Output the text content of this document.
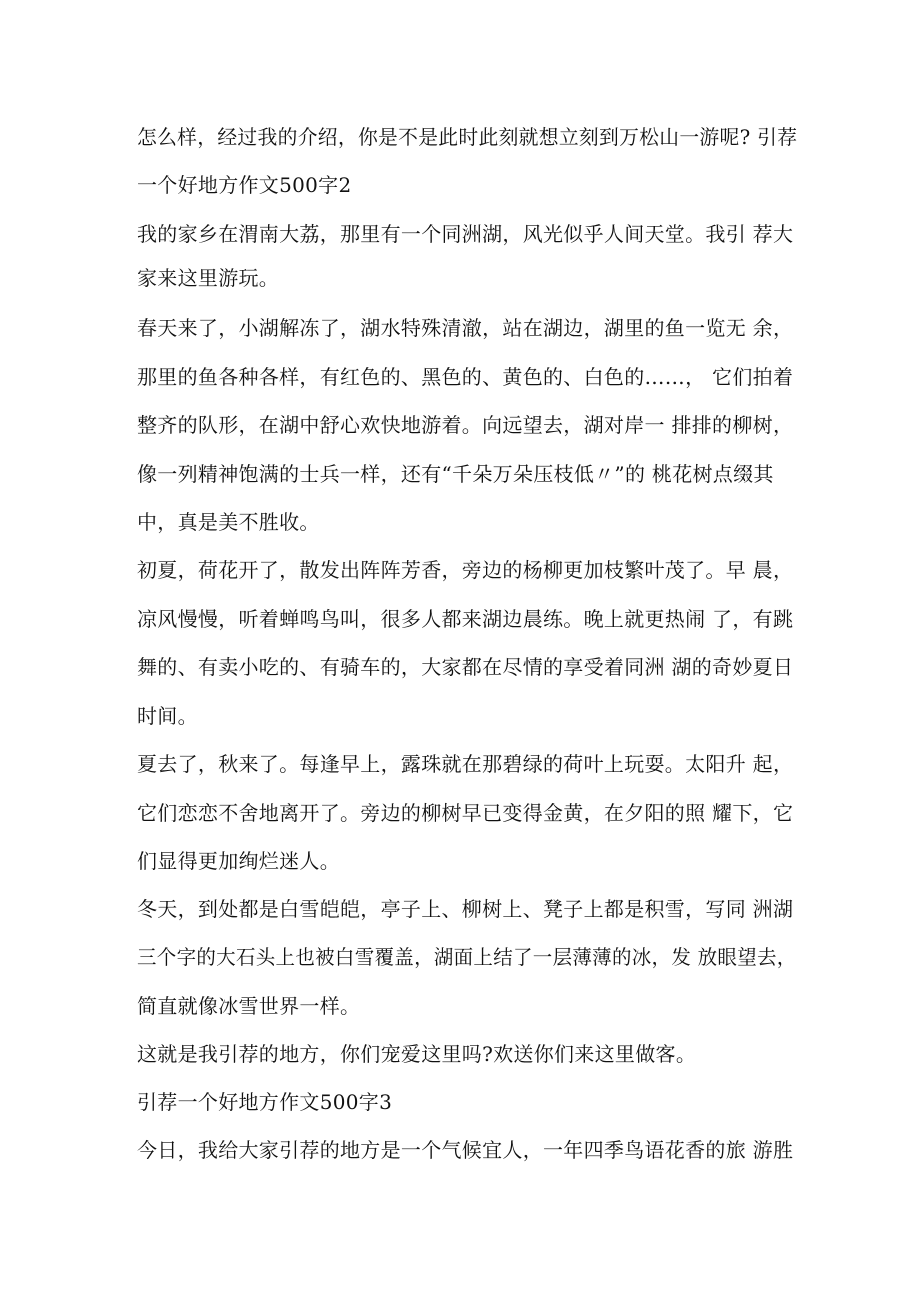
怎么样，经过我的介绍，你是不是此时此刻就想立刻到万松山一游呢? 引荐
一个好地方作文500字2
我的家乡在渭南大荔，那里有一个同洲湖，风光似乎人间天堂。我引 荐大
家来这里游玩。
春天来了，小湖解冻了，湖水特殊清澈，站在湖边，湖里的鱼一览无 余，
那里的鱼各种各样，有红色的、黑色的、黄色的、白色的……， 它们拍着
整齐的队形，在湖中舒心欢快地游着。向远望去，湖对岸一 排排的柳树，
像一列精神饱满的士兵一样，还有“千朵万朵压枝低〃”的 桃花树点缀其
中，真是美不胜收。
初夏，荷花开了，散发出阵阵芳香，旁边的杨柳更加枝繁叶茂了。早 晨，
凉风慢慢，听着蝉鸣鸟叫，很多人都来湖边晨练。晚上就更热闹 了，有跳
舞的、有卖小吃的、有骑车的，大家都在尽情的享受着同洲 湖的奇妙夏日
时间。
夏去了，秋来了。每逢早上，露珠就在那碧绿的荷叶上玩耍。太阳升 起，
它们恋恋不舍地离开了。旁边的柳树早已变得金黄，在夕阳的照 耀下，它
们显得更加绚烂迷人。
冬天，到处都是白雪皑皑，亭子上、柳树上、凳子上都是积雪，写同 洲湖
三个字的大石头上也被白雪覆盖，湖面上结了一层薄薄的冰，发 放眼望去，
简直就像冰雪世界一样。
这就是我引荐的地方，你们宠爱这里吗?欢送你们来这里做客。
引荐一个好地方作文500字3
今日，我给大家引荐的地方是一个气候宜人，一年四季鸟语花香的旅 游胜
